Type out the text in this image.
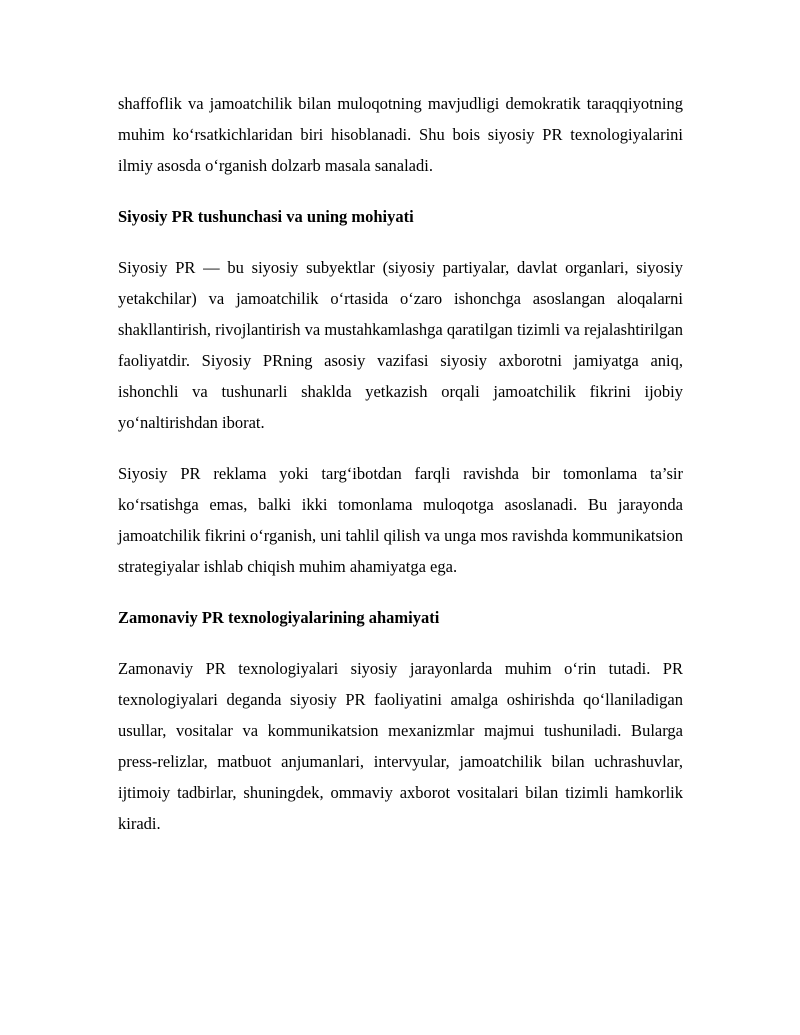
shaffoflik va jamoatchilik bilan muloqotning mavjudligi demokratik taraqqiyotning muhim ko‘rsatkichlaridan biri hisoblanadi. Shu bois siyosiy PR texnologiyalarini ilmiy asosda o‘rganish dolzarb masala sanaladi.

Siyosiy PR tushunchasi va uning mohiyati

Siyosiy PR — bu siyosiy subyektlar (siyosiy partiyalar, davlat organlari, siyosiy yetakchilar) va jamoatchilik o‘rtasida o‘zaro ishonchga asoslangan aloqalarni shakllantirish, rivojlantirish va mustahkamlashga qaratilgan tizimli va rejalashtirilgan faoliyatdir. Siyosiy PRning asosiy vazifasi siyosiy axborotni jamiyatga aniq, ishonchli va tushunarli shaklda yetkazish orqali jamoatchilik fikrini ijobiy yo‘naltirishdan iborat.

Siyosiy PR reklama yoki targ‘ibotdan farqli ravishda bir tomonlama ta’sir ko‘rsatishga emas, balki ikki tomonlama muloqotga asoslanadi. Bu jarayonda jamoatchilik fikrini o‘rganish, uni tahlil qilish va unga mos ravishda kommunikatsion strategiyalar ishlab chiqish muhim ahamiyatga ega.

Zamonaviy PR texnologiyalarining ahamiyati

Zamonaviy PR texnologiyalari siyosiy jarayonlarda muhim o‘rin tutadi. PR texnologiyalari deganda siyosiy PR faoliyatini amalga oshirishda qo‘llaniladigan usullar, vositalar va kommunikatsion mexanizmlar majmui tushuniladi. Bularga press-relizlar, matbuot anjumanlari, intervyular, jamoatchilik bilan uchrashuvlar, ijtimoiy tadbirlar, shuningdek, ommaviy axborot vositalari bilan tizimli hamkorlik kiradi.
